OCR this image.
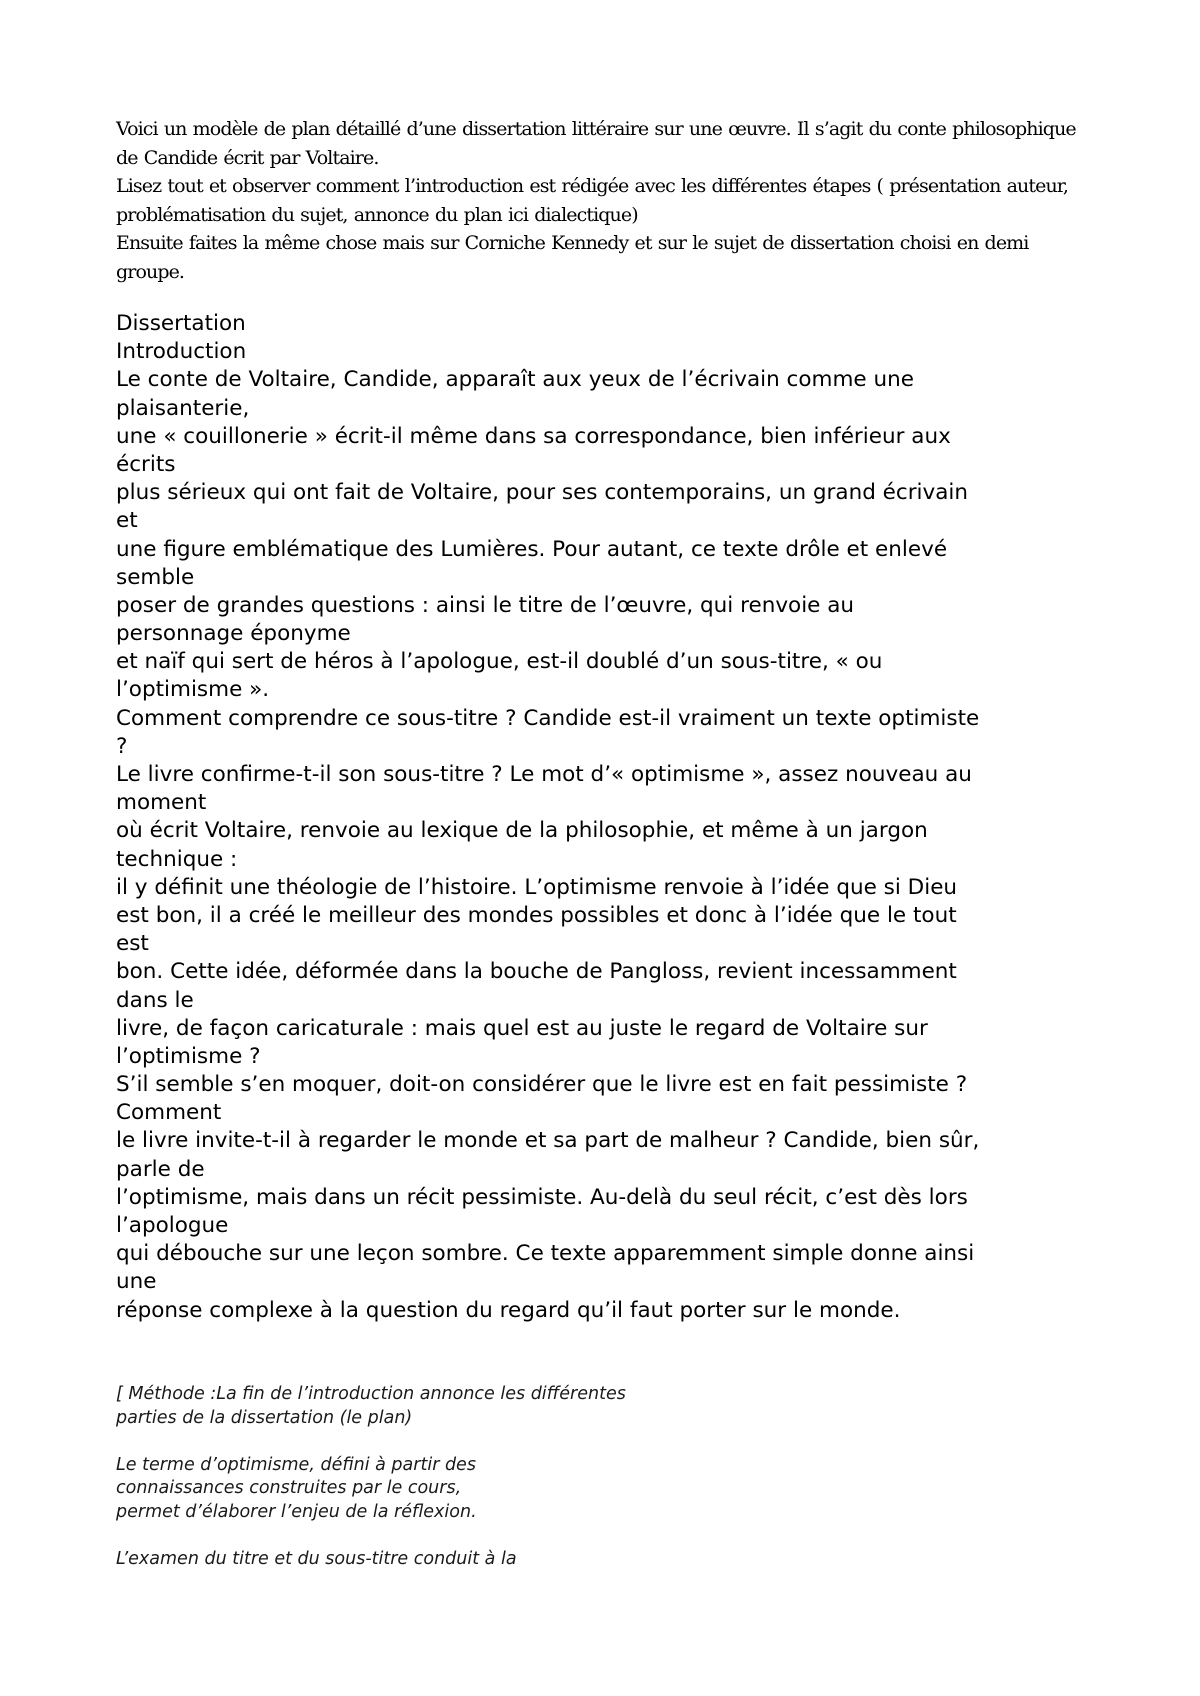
Voici un modèle de plan détaillé d’une dissertation littéraire sur une œuvre. Il s’agit du conte philosophique de Candide écrit par Voltaire.

Lisez tout et observer comment l’introduction est rédigée avec les différentes étapes ( présentation auteur, problématisation du sujet, annonce du plan ici dialectique)

Ensuite faites la même chose mais sur Corniche Kennedy et sur le sujet de dissertation choisi en demi groupe.

Dissertation
Introduction
Le conte de Voltaire, Candide, apparaît aux yeux de l’écrivain comme une
plaisanterie,
une « couillonerie » écrit-il même dans sa correspondance, bien inférieur aux
écrits
plus sérieux qui ont fait de Voltaire, pour ses contemporains, un grand écrivain
et
une figure emblématique des Lumières. Pour autant, ce texte drôle et enlevé
semble
poser de grandes questions : ainsi le titre de l’œuvre, qui renvoie au
personnage éponyme
et naïf qui sert de héros à l’apologue, est-il doublé d’un sous-titre, « ou
l’optimisme ».
Comment comprendre ce sous-titre ? Candide est-il vraiment un texte optimiste
?
Le livre confirme-t-il son sous-titre ? Le mot d’« optimisme », assez nouveau au
moment
où écrit Voltaire, renvoie au lexique de la philosophie, et même à un jargon
technique :
il y définit une théologie de l’histoire. L’optimisme renvoie à l’idée que si Dieu
est bon, il a créé le meilleur des mondes possibles et donc à l’idée que le tout
est
bon. Cette idée, déformée dans la bouche de Pangloss, revient incessamment
dans le
livre, de façon caricaturale : mais quel est au juste le regard de Voltaire sur
l’optimisme ?
S’il semble s’en moquer, doit-on considérer que le livre est en fait pessimiste ?
Comment
le livre invite-t-il à regarder le monde et sa part de malheur ? Candide, bien sûr,
parle de
l’optimisme, mais dans un récit pessimiste. Au-delà du seul récit, c’est dès lors
l’apologue
qui débouche sur une leçon sombre. Ce texte apparemment simple donne ainsi
une
réponse complexe à la question du regard qu’il faut porter sur le monde.
[ Méthode :La fin de l’introduction annonce les différentes
parties de la dissertation (le plan)
Le terme d’optimisme, défini à partir des
connaissances construites par le cours,
permet d’élaborer l’enjeu de la réflexion.
L’examen du titre et du sous-titre conduit à la
